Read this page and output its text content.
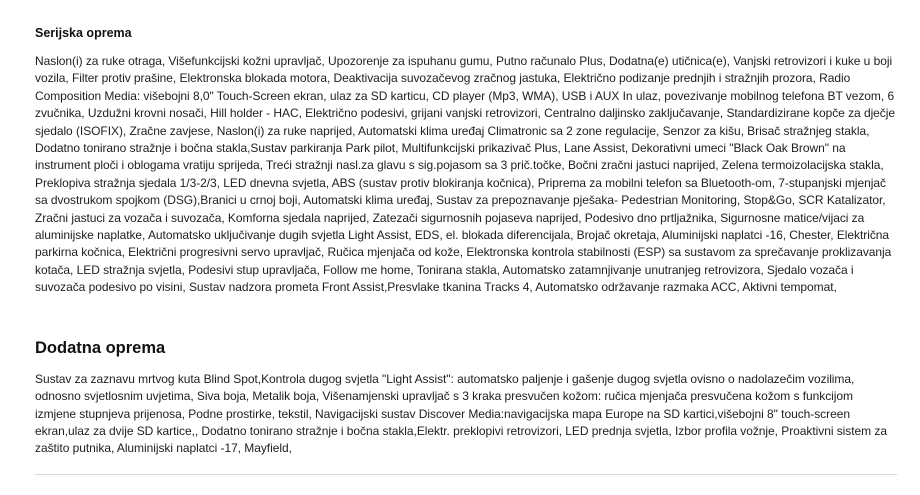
Serijska oprema

Naslon(i) za ruke otraga, Višefunkcijski kožni upravljač, Upozorenje za ispuhanu gumu, Putno računalo Plus, Dodatna(e) utičnica(e), Vanjski retrovizori i kuke u boji vozila, Filter protiv prašine, Elektronska blokada motora, Deaktivacija suvozačevog zračnog jastuka, Električno podizanje prednjih i stražnjih prozora, Radio Composition Media: višebojni 8,0" Touch-Screen ekran, ulaz za SD karticu, CD player (Mp3, WMA), USB i AUX In ulaz, povezivanje mobilnog telefona BT vezom, 6 zvučnika, Uzdužni krovni nosači, Hill holder - HAC, Električno podesivi, grijani vanjski retrovizori, Centralno daljinsko zaključavanje, Standardizirane kopče za dječje sjedalo (ISOFIX), Zračne zavjese, Naslon(i) za ruke naprijed, Automatski klima uređaj Climatronic sa 2 zone regulacije, Senzor za kišu, Brisač stražnjeg stakla, Dodatno tonirano stražnje i bočna stakla,Sustav parkiranja Park pilot, Multifunkcijski prikazivač Plus, Lane Assist, Dekorativni umeci "Black Oak Brown" na instrument ploči i oblogama vratiju sprijeda, Treći stražnji nasl.za glavu s sig.pojasom sa 3 prič.točke, Bočni zračni jastuci naprijed, Zelena termoizolacijska stakla, Preklopiva stražnja sjedala 1/3-2/3, LED dnevna svjetla, ABS (sustav protiv blokiranja kočnica), Pripremа za mobilni telefon sa Bluetooth-om, 7-stupanjski mjenjač sa dvostrukom spojkom (DSG),Branici u crnoj boji, Automatski klima uređaj, Sustav za prepoznavanje pješaka- Pedestrian Monitoring, Stop&Go, SCR Katalizator, Zračni jastuci za vozača i suvozača, Komforna sjedala naprijed, Zatezači sigurnosnih pojaseva naprijed, Podesivo dno prtljažnika, Sigurnosne matice/vijaci za aluminijske naplatke, Automatsko uključivanje dugih svjetla Light Assist, EDS, el. blokada diferencijala, Brojač okretaja, Aluminijski naplatci -16, Chester, Električna parkirna kočnica, Električni progresivni servo upravljač, Ručica mjenjača od kože, Elektronska kontrola stabilnosti (ESP) sa sustavom za sprečavanje proklizavanja kotača, LED stražnja svjetla, Podesivi stup upravljača, Follow me home, Tonirana stakla, Automatsko zatamnjivanje unutranjeg retrovizora, Sjedalo vozača i suvozača podesivo po visini, Sustav nadzora prometa Front Assist,Presvlake tkanina Tracks 4, Automatsko održavanje razmaka ACC, Aktivni tempomat,

Dodatna oprema

Sustav za zaznavu mrtvog kuta Blind Spot,Kontrola dugog svjetla "Light Assist": automatsko paljenje i gašenje dugog svjetla ovisno o nadolazečim vozilima, odnosno svjetlosnim uvjetima, Siva boja, Metalik boja, Višenamjenski upravljač s 3 kraka presvučen kožom: ručica mjenjača presvučena kožom s funkcijom izmjene stupnjeva prijenosa, Podne prostirke, tekstil, Navigacijski sustav Discover Media:navigacijska mapa Europe na SD kartici,višebojni 8" touch-screen ekran,ulaz za dvije SD kartice,, Dodatno tonirano stražnje i bočna stakla,Elektr. preklopivi retrovizori, LED prednja svjetla, Izbor profila vožnje, Proaktivni sistem za zaštito putnika, Aluminijski naplatci -17, Mayfield,
